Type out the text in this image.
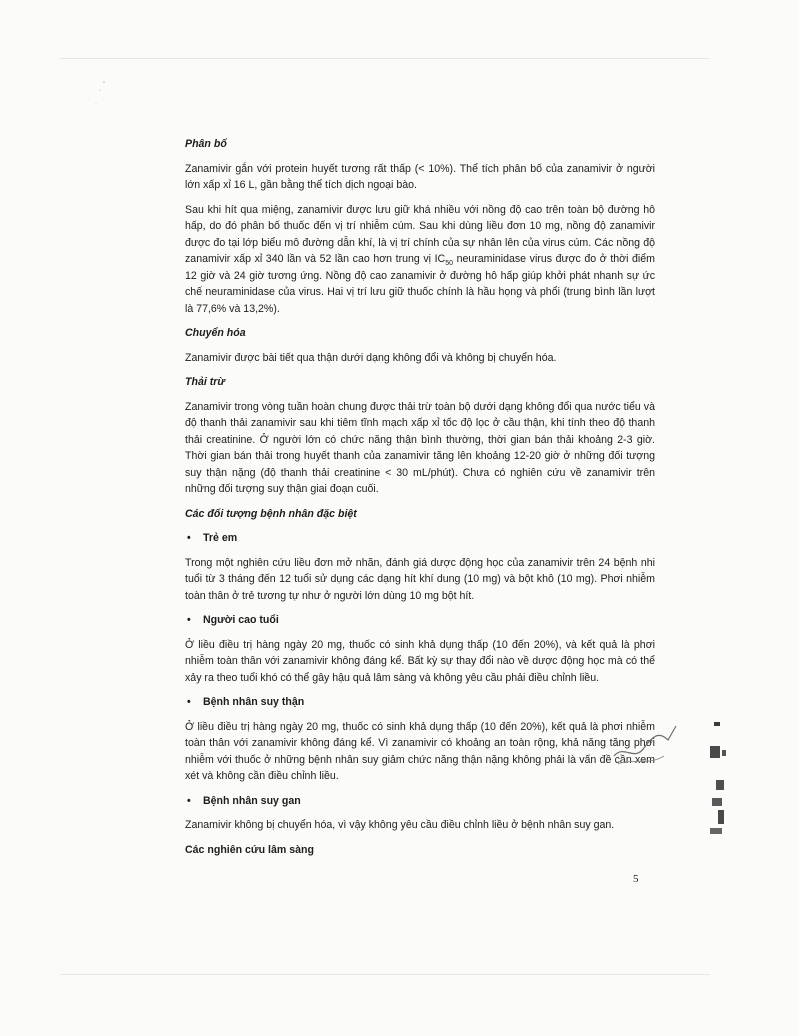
Phân bố
Zanamivir gắn với protein huyết tương rất thấp (< 10%). Thể tích phân bố của zanamivir ở người lớn xấp xỉ 16 L, gần bằng thể tích dịch ngoại bào.
Sau khi hít qua miệng, zanamivir được lưu giữ khá nhiều với nồng độ cao trên toàn bộ đường hô hấp, do đó phân bố thuốc đến vị trí nhiễm cúm. Sau khi dùng liều đơn 10 mg, nồng độ zanamivir được đo tại lớp biểu mô đường dẫn khí, là vị trí chính của sự nhân lên của virus cúm. Các nồng độ zanamivir xấp xỉ 340 lần và 52 lần cao hơn trung vị $IC_{50}$ neuraminidase virus được đo ở thời điểm 12 giờ và 24 giờ tương ứng. Nồng độ cao zanamivir ở đường hô hấp giúp khởi phát nhanh sự ức chế neuraminidase của virus. Hai vị trí lưu giữ thuốc chính là hầu họng và phổi (trung bình lần lượt là 77,6% và 13,2%).
Chuyển hóa
Zanamivir được bài tiết qua thận dưới dạng không đổi và không bị chuyển hóa.
Thải trừ
Zanamivir trong vòng tuần hoàn chung được thải trừ toàn bộ dưới dạng không đổi qua nước tiểu và độ thanh thải zanamivir sau khi tiêm tĩnh mạch xấp xỉ tốc độ lọc ở cầu thận, khi tính theo độ thanh thải creatinine. Ở người lớn có chức năng thận bình thường, thời gian bán thải khoảng 2-3 giờ. Thời gian bán thải trong huyết thanh của zanamivir tăng lên khoảng 12-20 giờ ở những đối tượng suy thận nặng (độ thanh thải creatinine < 30 mL/phút). Chưa có nghiên cứu về zanamivir trên những đối tượng suy thận giai đoạn cuối.
Các đối tượng bệnh nhân đặc biệt
•	Trẻ em
Trong một nghiên cứu liều đơn mở nhãn, đánh giá dược động học của zanamivir trên 24 bệnh nhi tuổi từ 3 tháng đến 12 tuổi sử dụng các dạng hít khí dung (10 mg) và bột khô (10 mg). Phơi nhiễm toàn thân ở trẻ tương tự như ở người lớn dùng 10 mg bột hít.
•	Người cao tuổi
Ở liều điều trị hàng ngày 20 mg, thuốc có sinh khả dụng thấp (10 đến 20%), và kết quả là phơi nhiễm toàn thân với zanamivir không đáng kể. Bất kỳ sự thay đổi nào về dược động học mà có thể xảy ra theo tuổi khó có thể gây hậu quả lâm sàng và không yêu cầu phải điều chỉnh liều.
•	Bệnh nhân suy thận
Ở liều điều trị hàng ngày 20 mg, thuốc có sinh khả dụng thấp (10 đến 20%), kết quả là phơi nhiễm toàn thân với zanamivir không đáng kể. Vì zanamivir có khoảng an toàn rộng, khả năng tăng phơi nhiễm với thuốc ở những bệnh nhân suy giảm chức năng thận nặng không phải là vấn đề cần xem xét và không cần điều chỉnh liều.
•	Bệnh nhân suy gan
Zanamivir không bị chuyển hóa, vì vậy không yêu cầu điều chỉnh liều ở bệnh nhân suy gan.
Các nghiên cứu lâm sàng
5
